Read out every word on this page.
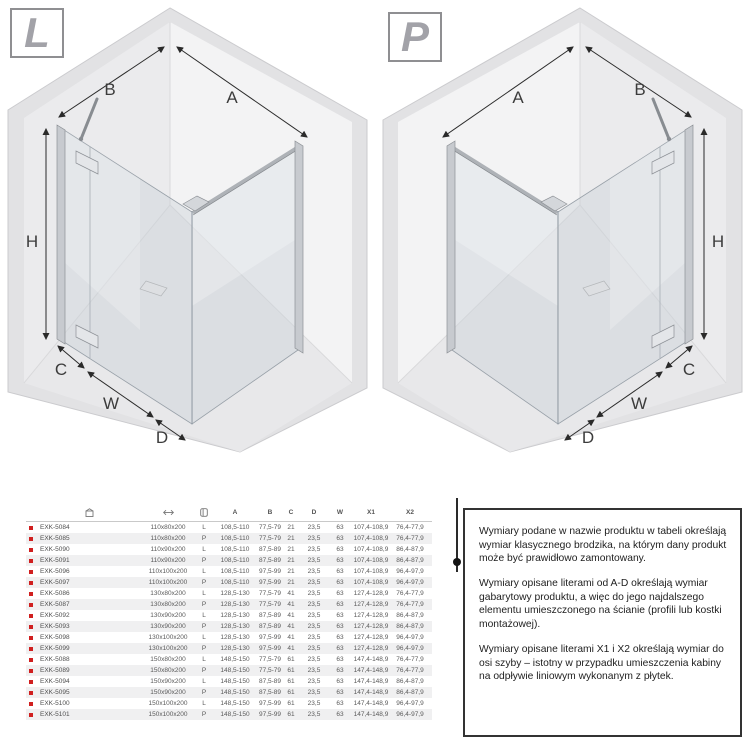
B	A
H
C
W
D
A	B
H
C
W
D
L	P
A	B	C	D	W	X1	X2
EXK-5084	110x80x200	L	108,5-110	77,5-79 21	23,5	63	107,4-108,9	76,4-77,9
EXK-5085	110x80x200	P	108,5-110	77,5-79 21	23,5	63	107,4-108,9	76,4-77,9
EXK-5090	110x90x200	L	108,5-110	87,5-89 21	23,5	63	107,4-108,9	86,4-87,9
EXK-5091	110x90x200	P	108,5-110	87,5-89 21	23,5	63	107,4-108,9	86,4-87,9
EXK-5096	110x100x200	L	108,5-110	97,5-99 21	23,5	63	107,4-108,9	96,4-97,9
EXK-5097	110x100x200	P	108,5-110	97,5-99 21	23,5	63	107,4-108,9	96,4-97,9
EXK-5086	130x80x200	L	128,5-130	77,5-79 41	23,5	63	127,4-128,9	76,4-77,9
EXK-5087	130x80x200	P	128,5-130	77,5-79 41	23,5	63	127,4-128,9	76,4-77,9
EXK-5092	130x90x200	L	128,5-130	87,5-89 41	23,5	63	127,4-128,9	86,4-87,9
EXK-5093	130x90x200	P	128,5-130	87,5-89 41	23,5	63	127,4-128,9	86,4-87,9
EXK-5098	130x100x200	L	128,5-130	97,5-99 41	23,5	63	127,4-128,9	96,4-97,9
EXK-5099	130x100x200	P	128,5-130	97,5-99 41	23,5	63	127,4-128,9	96,4-97,9
EXK-5088	150x80x200	L	148,5-150	77,5-79 61	23,5	63	147,4-148,9	76,4-77,9
EXK-5089	150x80x200	P	148,5-150	77,5-79 61	23,5	63	147,4-148,9	76,4-77,9
EXK-5094	150x90x200	L	148,5-150	87,5-89 61	23,5	63	147,4-148,9	86,4-87,9
EXK-5095	150x90x200	P	148,5-150	87,5-89 61	23,5	63	147,4-148,9	86,4-87,9
EXK-5100	150x100x200	L	148,5-150	97,5-99 61	23,5	63	147,4-148,9	96,4-97,9
EXK-5101	150x100x200	P	148,5-150	97,5-99 61	23,5	63	147,4-148,9	96,4-97,9

Wymiary podane w nazwie produktu w tabeli określają wymiar klasycznego brodzika, na którym dany produkt może być prawidłowo zamontowany.

Wymiary opisane literami od A-D określają wymiar gabarytowy produktu, a więc do jego najdalszego elementu umieszczonego na ścianie (profili lub kostki montażowej).

Wymiary opisane literami X1 i X2 określają wymiar do osi szyby – istotny w przypadku umieszczenia kabiny na odpływie liniowym wykonanym z płytek.
